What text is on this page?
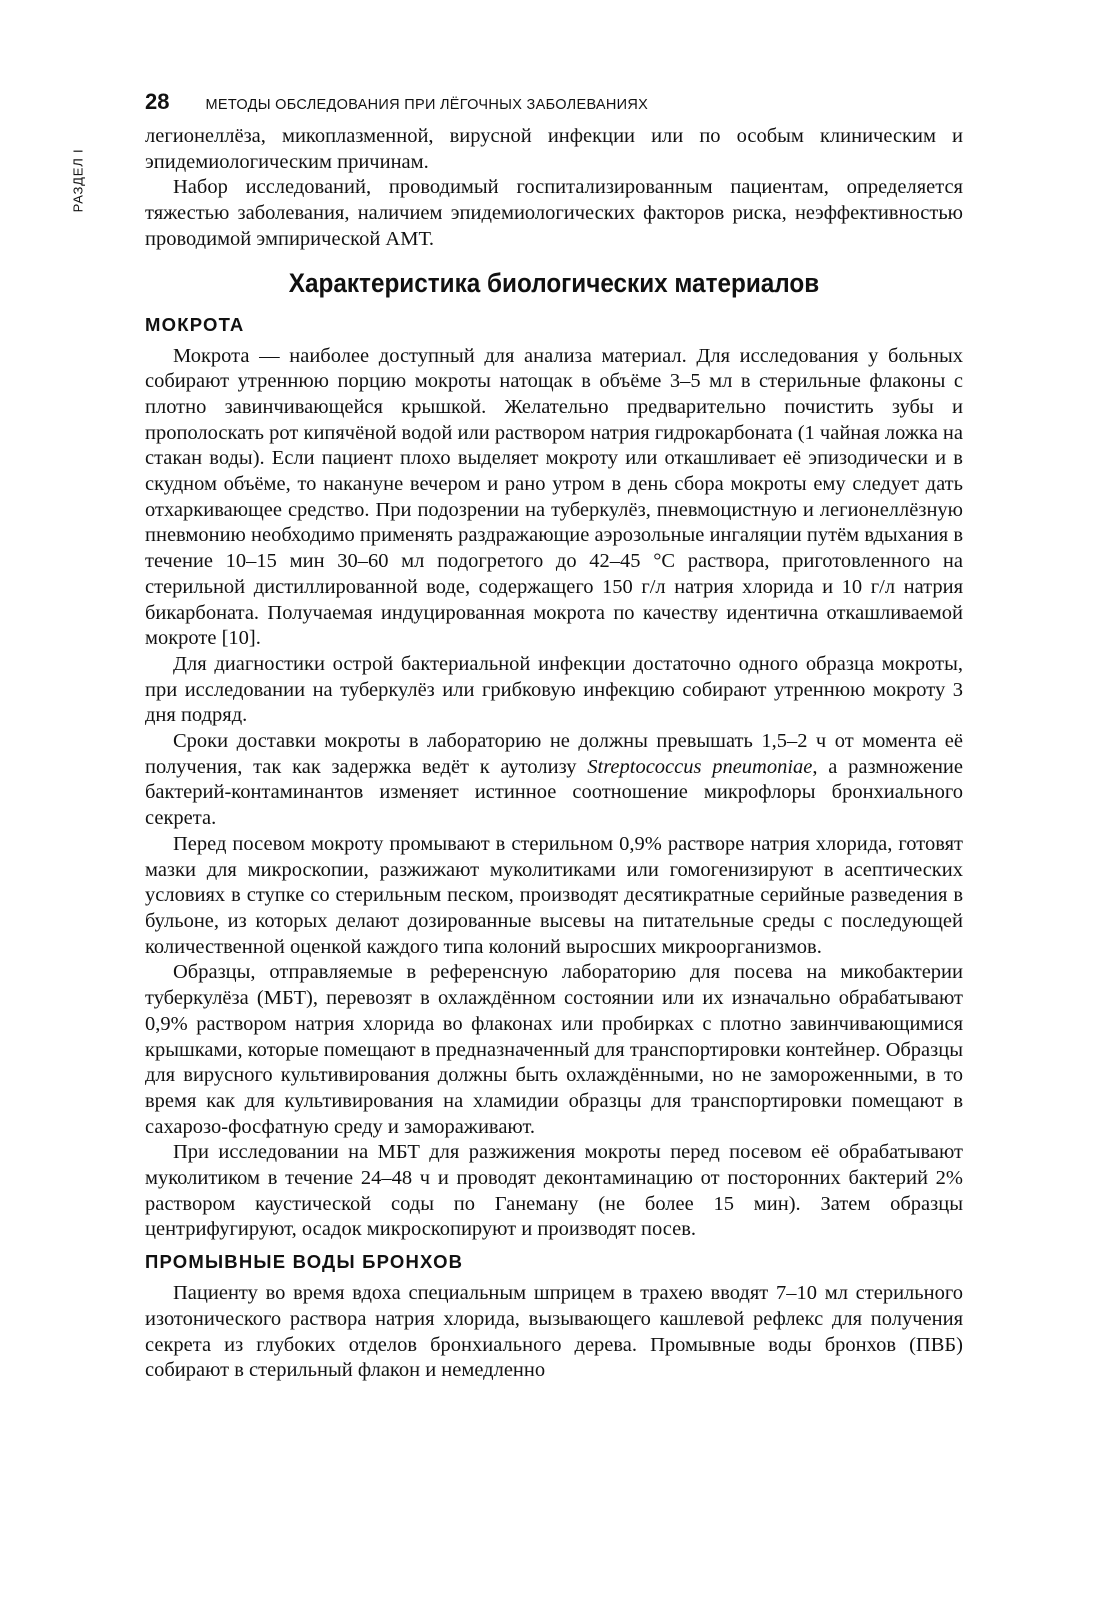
28 МЕТОДЫ ОБСЛЕДОВАНИЯ ПРИ ЛЁГОЧНЫХ ЗАБОЛЕВАНИЯХ
РАЗДЕЛ I

легионеллёза, микоплазменной, вирусной инфекции или по особым клиническим и эпидемиологическим причинам.

Набор исследований, проводимый госпитализированным пациентам, определяется тяжестью заболевания, наличием эпидемиологических факторов риска, неэффективностью проводимой эмпирической АМТ.

Характеристика биологических материалов
МОКРОТА

Мокрота — наиболее доступный для анализа материал. Для исследования у больных собирают утреннюю порцию мокроты натощак в объёме 3–5 мл в стерильные флаконы с плотно завинчивающейся крышкой. Желательно предварительно почистить зубы и прополоскать рот кипячёной водой или раствором натрия гидрокарбоната (1 чайная ложка на стакан воды). Если пациент плохо выделяет мокроту или откашливает её эпизодически и в скудном объёме, то накануне вечером и рано утром в день сбора мокроты ему следует дать отхаркивающее средство. При подозрении на туберкулёз, пневмоцистную и легионеллёзную пневмонию необходимо применять раздражающие аэрозольные ингаляции путём вдыхания в течение 10–15 мин 30–60 мл подогретого до 42–45 °С раствора, приготовленного на стерильной дистиллированной воде, содержащего 150 г/л натрия хлорида и 10 г/л натрия бикарбоната. Получаемая индуцированная мокрота по качеству идентична откашливаемой мокроте [10].

Для диагностики острой бактериальной инфекции достаточно одного образца мокроты, при исследовании на туберкулёз или грибковую инфекцию собирают утреннюю мокроту 3 дня подряд.

Сроки доставки мокроты в лабораторию не должны превышать 1,5–2 ч от момента её получения, так как задержка ведёт к аутолизу Streptococcus pneumoniae, а размножение бактерий-контаминантов изменяет истинное соотношение микрофлоры бронхиального секрета.

Перед посевом мокроту промывают в стерильном 0,9% растворе натрия хлорида, готовят мазки для микроскопии, разжижают муколитиками или гомогенизируют в асептических условиях в ступке со стерильным песком, производят десятикратные серийные разведения в бульоне, из которых делают дозированные высевы на питательные среды с последующей количественной оценкой каждого типа колоний выросших микроорганизмов.

Образцы, отправляемые в референсную лабораторию для посева на микобактерии туберкулёза (МБТ), перевозят в охлаждённом состоянии или их изначально обрабатывают 0,9% раствором натрия хлорида во флаконах или пробирках с плотно завинчивающимися крышками, которые помещают в предназначенный для транспортировки контейнер. Образцы для вирусного культивирования должны быть охлаждёнными, но не замороженными, в то время как для культивирования на хламидии образцы для транспортировки помещают в сахарозо-фосфатную среду и замораживают.

При исследовании на МБТ для разжижения мокроты перед посевом её обрабатывают муколитиком в течение 24–48 ч и проводят деконтаминацию от посторонних бактерий 2% раствором каустической соды по Ганеману (не более 15 мин). Затем образцы центрифугируют, осадок микроскопируют и производят посев.

ПРОМЫВНЫЕ ВОДЫ БРОНХОВ

Пациенту во время вдоха специальным шприцем в трахею вводят 7–10 мл стерильного изотонического раствора натрия хлорида, вызывающего кашлевой рефлекс для получения секрета из глубоких отделов бронхиального дерева. Промывные воды бронхов (ПВБ) собирают в стерильный флакон и немедленно
